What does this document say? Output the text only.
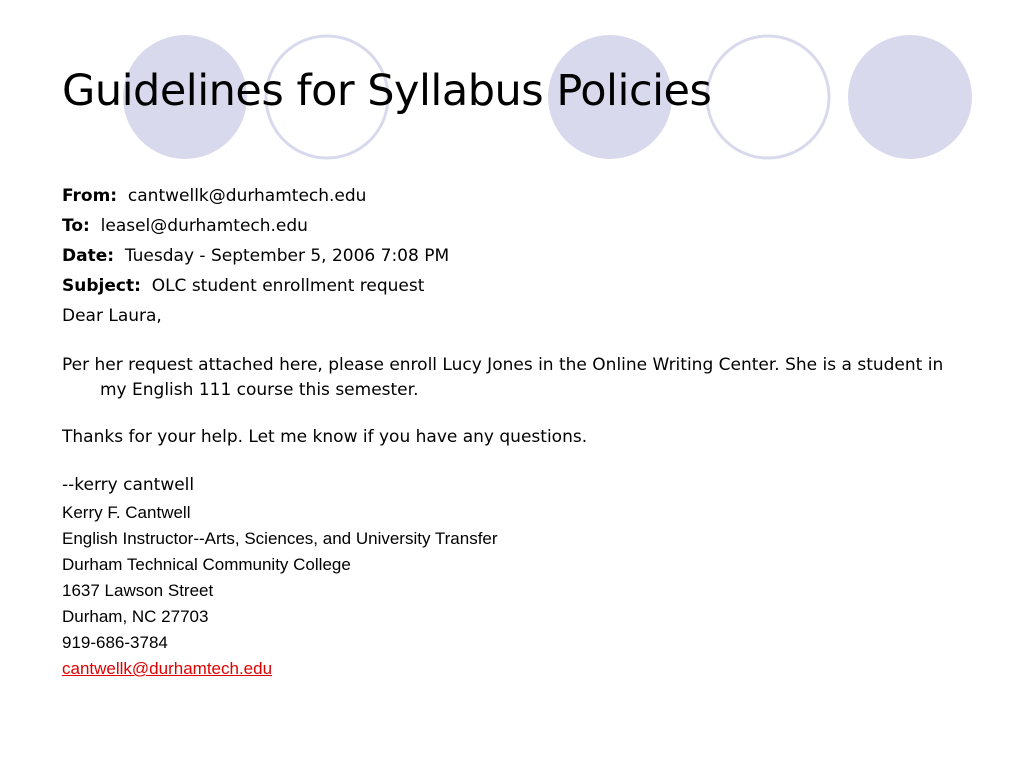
Guidelines for Syllabus Policies
From: cantwellk@durhamtech.edu
To: leasel@durhamtech.edu
Date: Tuesday - September 5, 2006 7:08 PM
Subject: OLC student enrollment request
Dear Laura,
Per her request attached here, please enroll Lucy Jones in the Online Writing Center. She is a student in my English 111 course this semester.
Thanks for your help. Let me know if you have any questions.
--kerry cantwell
Kerry F. Cantwell
English Instructor--Arts, Sciences, and University Transfer
Durham Technical Community College
1637 Lawson Street
Durham, NC 27703
919-686-3784
cantwellk@durhamtech.edu
